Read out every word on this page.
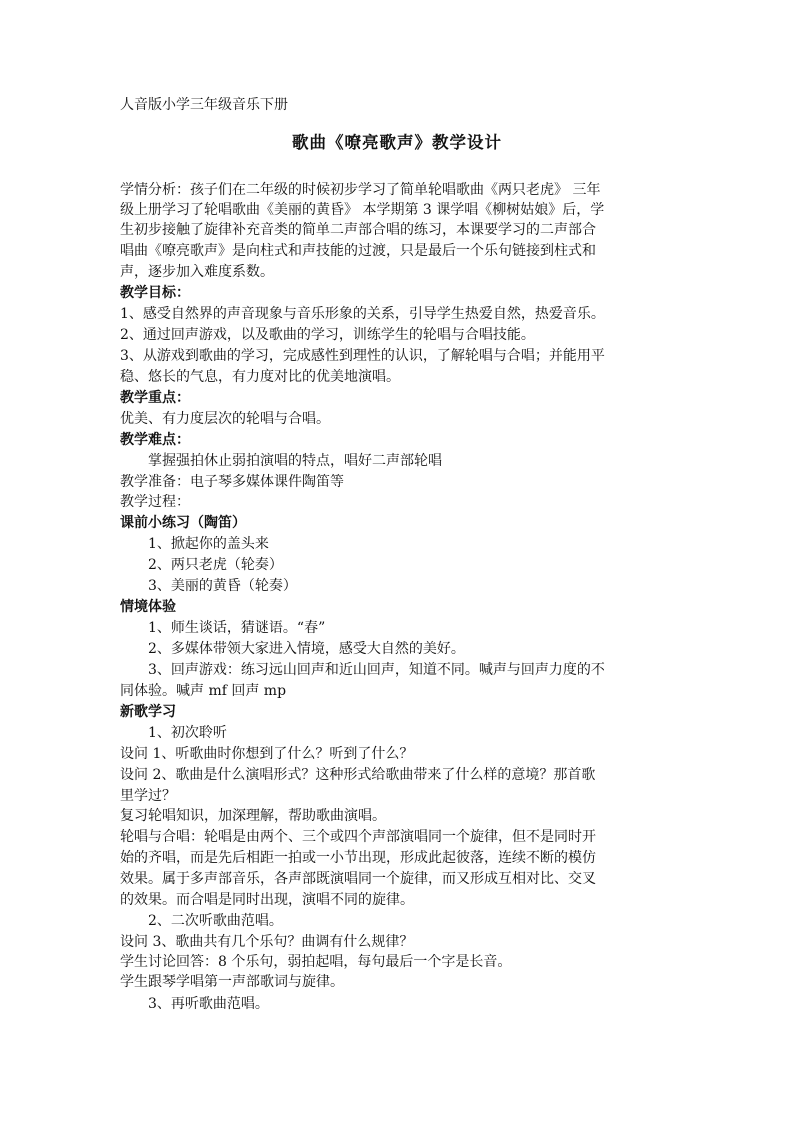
人音版小学三年级音乐下册

歌曲《嘹亮歌声》教学设计

学情分析：孩子们在二年级的时候初步学习了简单轮唱歌曲《两只老虎》 三年

级上册学习了轮唱歌曲《美丽的黄昏》 本学期第 3 课学唱《柳树姑娘》后，学

生初步接触了旋律补充音类的简单二声部合唱的练习，本课要学习的二声部合

唱曲《嘹亮歌声》是向柱式和声技能的过渡，只是最后一个乐句链接到柱式和

声，逐步加入难度系数。

教学目标：

1、感受自然界的声音现象与音乐形象的关系，引导学生热爱自然，热爱音乐。

2、通过回声游戏，以及歌曲的学习，训练学生的轮唱与合唱技能。

3、从游戏到歌曲的学习，完成感性到理性的认识，了解轮唱与合唱；并能用平

稳、悠长的气息，有力度对比的优美地演唱。

教学重点：

优美、有力度层次的轮唱与合唱。

教学难点：

掌握强拍休止弱拍演唱的特点，唱好二声部轮唱

教学准备：电子琴多媒体课件陶笛等

教学过程：

课前小练习（陶笛）

1、掀起你的盖头来

2、两只老虎（轮奏）

3、美丽的黄昏（轮奏）

情境体验

1、师生谈话，猜谜语。“春”

2、多媒体带领大家进入情境，感受大自然的美好。

3、回声游戏：练习远山回声和近山回声，知道不同。喊声与回声力度的不

同体验。喊声 mf 回声 mp

新歌学习

1、初次聆听

设问 1、听歌曲时你想到了什么？听到了什么？

设问 2、歌曲是什么演唱形式？这种形式给歌曲带来了什么样的意境？那首歌

里学过？

复习轮唱知识，加深理解，帮助歌曲演唱。

轮唱与合唱：轮唱是由两个、三个或四个声部演唱同一个旋律，但不是同时开

始的齐唱，而是先后相距一拍或一小节出现，形成此起彼落，连续不断的模仿

效果。属于多声部音乐，各声部既演唱同一个旋律，而又形成互相对比、交叉

的效果。而合唱是同时出现，演唱不同的旋律。

2、二次听歌曲范唱。

设问 3、歌曲共有几个乐句？曲调有什么规律？

学生讨论回答：8 个乐句，弱拍起唱，每句最后一个字是长音。

学生跟琴学唱第一声部歌词与旋律。

3、再听歌曲范唱。
